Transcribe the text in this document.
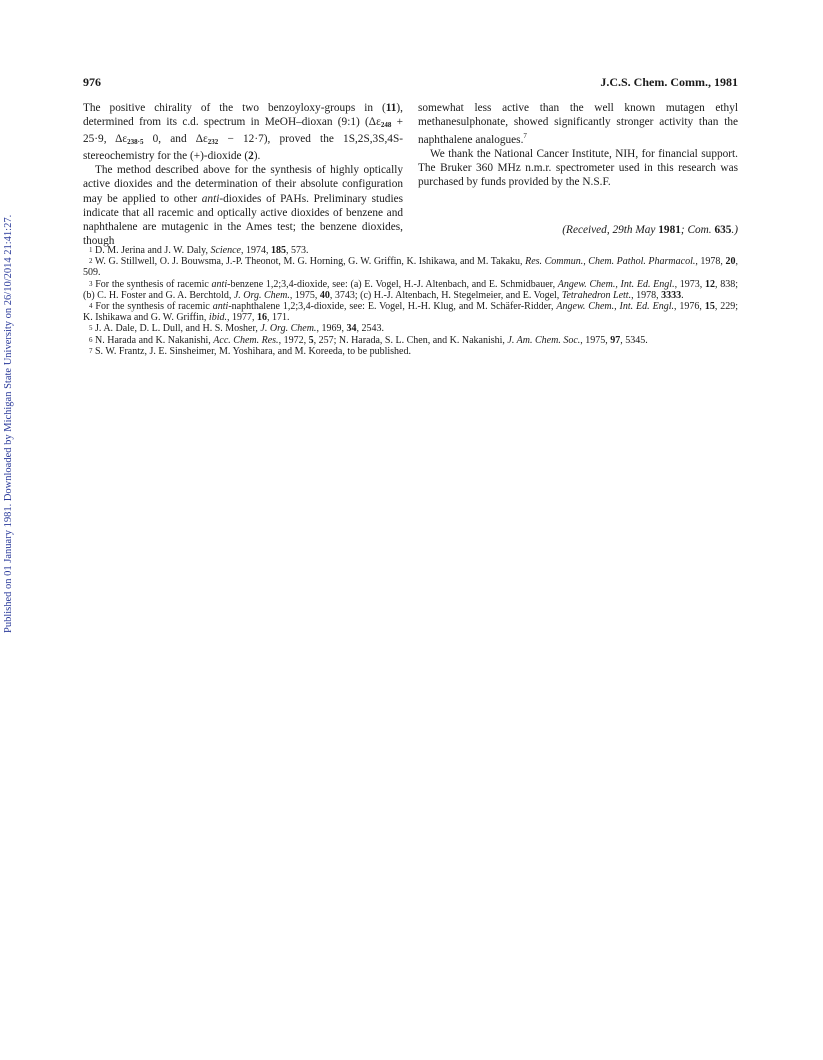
Published on 01 January 1981. Downloaded by Michigan State University on 26/10/2014 21:41:27.
976	J.C.S. Chem. Comm., 1981

The positive chirality of the two benzoyloxy-groups in (11), determined from its c.d. spectrum in MeOH–dioxan (9:1) ($\Delta\varepsilon_{248} + 25\cdot 9$, $\Delta\varepsilon_{238\cdot 5}$ 0, and $\Delta\varepsilon_{232} - 12\cdot 7$), proved the 1S,2S,3S,4S-stereochemistry for the (+)-dioxide (2).

The method described above for the synthesis of highly optically active dioxides and the determination of their absolute configuration may be applied to other anti-dioxides of PAHs. Preliminary studies indicate that all racemic and optically active dioxides of benzene and naphthalene are mutagenic in the Ames test; the benzene dioxides, though

somewhat less active than the well known mutagen ethyl methanesulphonate, showed significantly stronger activity than the naphthalene analogues.$^7$

We thank the National Cancer Institute, NIH, for financial support. The Bruker 360 MHz n.m.r. spectrometer used in this research was purchased by funds provided by the N.S.F.

(Received, 29th May 1981; Com. 635.)

1 D. M. Jerina and J. W. Daly, Science, 1974, 185, 573.

2 W. G. Stillwell, O. J. Bouwsma, J.-P. Theonot, M. G. Horning, G. W. Griffin, K. Ishikawa, and M. Takaku, Res. Commun., Chem. Pathol. Pharmacol., 1978, 20, 509.

3 For the synthesis of racemic anti-benzene 1,2;3,4-dioxide, see: (a) E. Vogel, H.-J. Altenbach, and E. Schmidbauer, Angew. Chem., Int. Ed. Engl., 1973, 12, 838; (b) C. H. Foster and G. A. Berchtold, J. Org. Chem., 1975, 40, 3743; (c) H.-J. Altenbach, H. Stegelmeier, and E. Vogel, Tetrahedron Lett., 1978, 3333.

4 For the synthesis of racemic anti-naphthalene 1,2;3,4-dioxide, see: E. Vogel, H.-H. Klug, and M. Schäfer-Ridder, Angew. Chem., Int. Ed. Engl., 1976, 15, 229; K. Ishikawa and G. W. Griffin, ibid., 1977, 16, 171.

5 J. A. Dale, D. L. Dull, and H. S. Mosher, J. Org. Chem., 1969, 34, 2543.

6 N. Harada and K. Nakanishi, Acc. Chem. Res., 1972, 5, 257; N. Harada, S. L. Chen, and K. Nakanishi, J. Am. Chem. Soc., 1975, 97, 5345.

7 S. W. Frantz, J. E. Sinsheimer, M. Yoshihara, and M. Koreeda, to be published.
